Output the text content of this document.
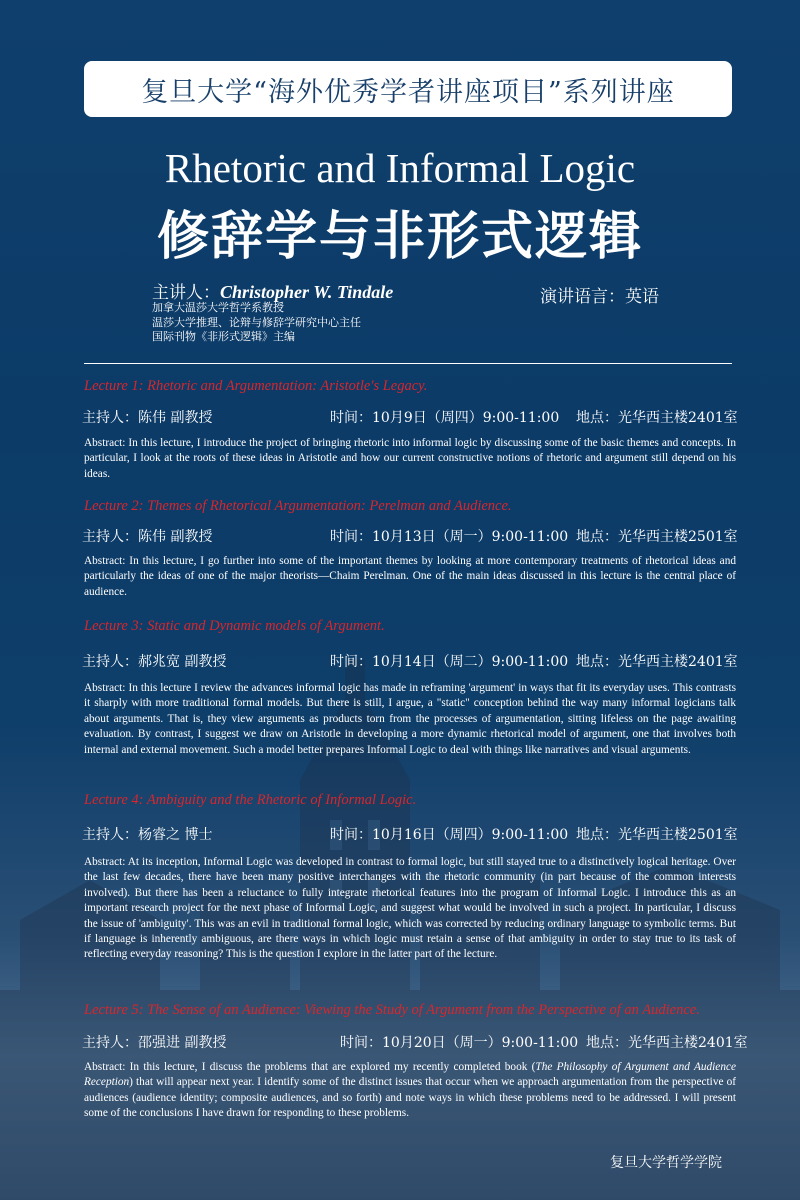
复旦大学“海外优秀学者讲座项目”系列讲座
Rhetoric and Informal Logic
修辞学与非形式逻辑
主讲人：Christopher W. Tindale
加拿大温莎大学哲学系教授
温莎大学推理、论辩与修辞学研究中心主任
国际刊物《非形式逻辑》主编
演讲语言：英语
Lecture 1: Rhetoric and Argumentation: Aristotle's Legacy.
主持人：陈伟 副教授	时间：10月9日（周四）9:00-11:00 地点：光华西主楼2401室
Abstract: In this lecture, I introduce the project of bringing rhetoric into informal logic by discussing some of the basic themes and concepts. In particular, I look at the roots of these ideas in Aristotle and how our current constructive notions of rhetoric and argument still depend on his ideas.
Lecture 2: Themes of Rhetorical Argumentation: Perelman and Audience.
主持人：陈伟 副教授	时间：10月13日（周一）9:00-11:00 地点：光华西主楼2501室
Abstract: In this lecture, I go further into some of the important themes by looking at more contemporary treatments of rhetorical ideas and particularly the ideas of one of the major theorists—Chaim Perelman. One of the main ideas discussed in this lecture is the central place of audience.
Lecture 3: Static and Dynamic models of Argument.
主持人：郝兆宽 副教授	时间：10月14日（周二）9:00-11:00 地点：光华西主楼2401室
Abstract: In this lecture I review the advances informal logic has made in reframing 'argument' in ways that fit its everyday uses. This contrasts it sharply with more traditional formal models. But there is still, I argue, a "static" conception behind the way many informal logicians talk about arguments. That is, they view arguments as products torn from the processes of argumentation, sitting lifeless on the page awaiting evaluation. By contrast, I suggest we draw on Aristotle in developing a more dynamic rhetorical model of argument, one that involves both internal and external movement. Such a model better prepares Informal Logic to deal with things like narratives and visual arguments.
Lecture 4: Ambiguity and the Rhetoric of Informal Logic.
主持人：杨睿之 博士	时间：10月16日（周四）9:00-11:00 地点：光华西主楼2501室
Abstract: At its inception, Informal Logic was developed in contrast to formal logic, but still stayed true to a distinctively logical heritage. Over the last few decades, there have been many positive interchanges with the rhetoric community (in part because of the common interests involved). But there has been a reluctance to fully integrate rhetorical features into the program of Informal Logic. I introduce this as an important research project for the next phase of Informal Logic, and suggest what would be involved in such a project. In particular, I discuss the issue of 'ambiguity'. This was an evil in traditional formal logic, which was corrected by reducing ordinary language to symbolic terms. But if language is inherently ambiguous, are there ways in which logic must retain a sense of that ambiguity in order to stay true to its task of reflecting everyday reasoning? This is the question I explore in the latter part of the lecture.
Lecture 5: The Sense of an Audience: Viewing the Study of Argument from the Perspective of an Audience.
主持人：邵强进 副教授	时间：10月20日（周一）9:00-11:00 地点：光华西主楼2401室
Abstract: In this lecture, I discuss the problems that are explored my recently completed book (The Philosophy of Argument and Audience Reception) that will appear next year. I identify some of the distinct issues that occur when we approach argumentation from the perspective of audiences (audience identity; composite audiences, and so forth) and note ways in which these problems need to be addressed. I will present some of the conclusions I have drawn for responding to these problems.
复旦大学哲学学院
